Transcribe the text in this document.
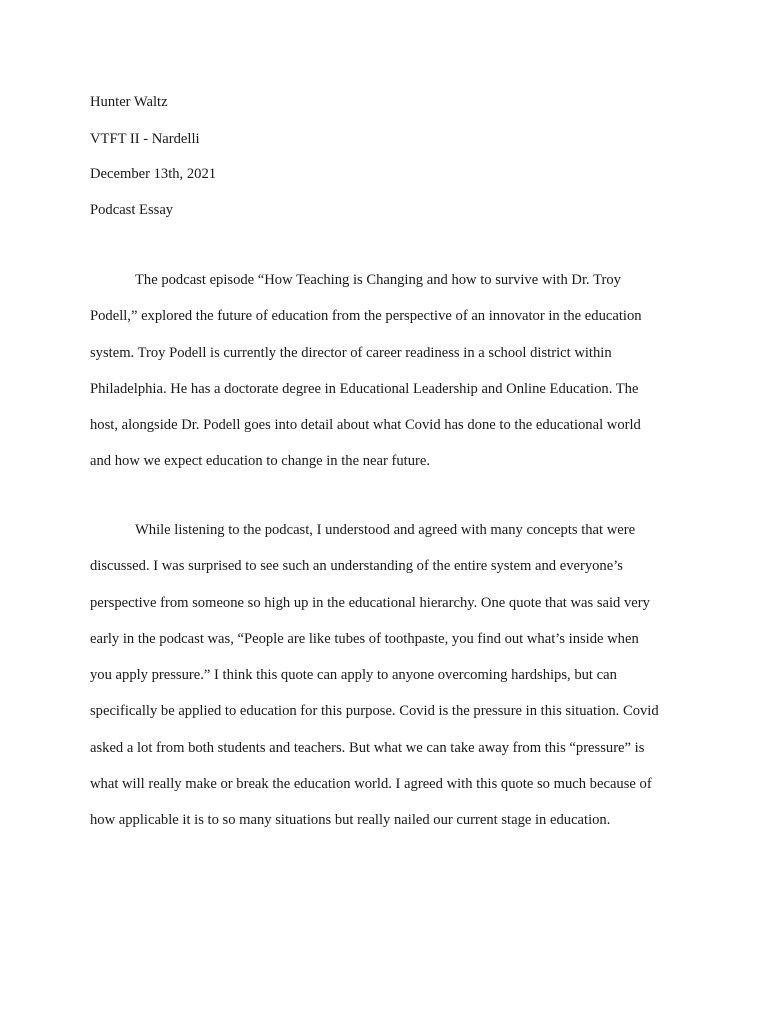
Hunter Waltz

VTFT II - Nardelli

December 13th, 2021

Podcast Essay

The podcast episode “How Teaching is Changing and how to survive with Dr. Troy
Podell,” explored the future of education from the perspective of an innovator in the education
system. Troy Podell is currently the director of career readiness in a school district within
Philadelphia. He has a doctorate degree in Educational Leadership and Online Education. The
host, alongside Dr. Podell goes into detail about what Covid has done to the educational world
and how we expect education to change in the near future.
While listening to the podcast, I understood and agreed with many concepts that were
discussed. I was surprised to see such an understanding of the entire system and everyone’s
perspective from someone so high up in the educational hierarchy. One quote that was said very
early in the podcast was, “People are like tubes of toothpaste, you find out what’s inside when
you apply pressure.” I think this quote can apply to anyone overcoming hardships, but can
specifically be applied to education for this purpose. Covid is the pressure in this situation. Covid
asked a lot from both students and teachers. But what we can take away from this “pressure” is
what will really make or break the education world. I agreed with this quote so much because of
how applicable it is to so many situations but really nailed our current stage in education.
